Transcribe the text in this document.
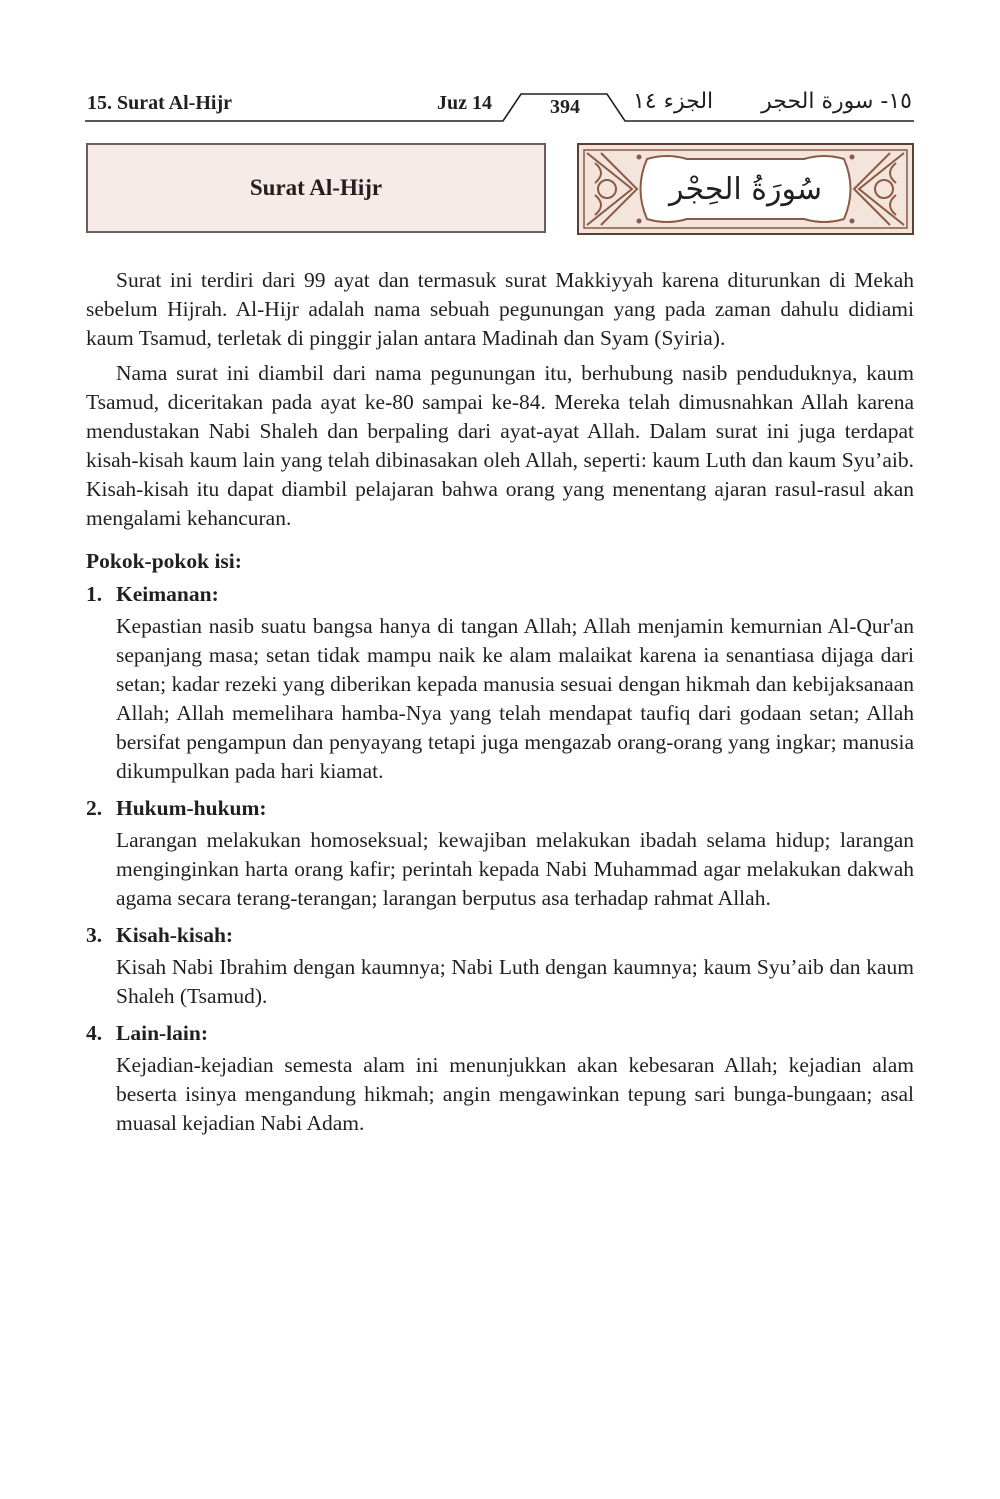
15. Surat Al-Hijr	Juz 14	394	الجزء ١٤ ١٥- سورة الحجر
Surat Al-Hijr	سُورَةُ الحِجْر

Surat ini terdiri dari 99 ayat dan termasuk surat Makkiyyah karena diturunkan di Mekah sebelum Hijrah. Al-Hijr adalah nama sebuah pegunungan yang pada zaman dahulu didiami kaum Tsamud, terletak di pinggir jalan antara Madinah dan Syam (Syiria).

Nama surat ini diambil dari nama pegunungan itu, berhubung nasib penduduknya, kaum Tsamud, diceritakan pada ayat ke-80 sampai ke-84. Mereka telah dimusnahkan Allah karena mendustakan Nabi Shaleh dan berpaling dari ayat-ayat Allah. Dalam surat ini juga terdapat kisah-kisah kaum lain yang telah dibinasakan oleh Allah, seperti: kaum Luth dan kaum Syu’aib. Kisah-kisah itu dapat diambil pelajaran bahwa orang yang menentang ajaran rasul-rasul akan mengalami kehancuran.

Pokok-pokok isi:
1. Keimanan:
Kepastian nasib suatu bangsa hanya di tangan Allah; Allah menjamin kemurnian Al-Qur'an sepanjang masa; setan tidak mampu naik ke alam malaikat karena ia senantiasa dijaga dari setan; kadar rezeki yang diberikan kepada manusia sesuai dengan hikmah dan kebijaksanaan Allah; Allah memelihara hamba-Nya yang telah mendapat taufiq dari godaan setan; Allah bersifat pengampun dan penyayang tetapi juga mengazab orang-orang yang ingkar; manusia dikumpulkan pada hari kiamat.
2. Hukum-hukum:
Larangan melakukan homoseksual; kewajiban melakukan ibadah selama hidup; larangan menginginkan harta orang kafir; perintah kepada Nabi Muhammad agar melakukan dakwah agama secara terang-terangan; larangan berputus asa terhadap rahmat Allah.
3. Kisah-kisah:
Kisah Nabi Ibrahim dengan kaumnya; Nabi Luth dengan kaumnya; kaum Syu’aib dan kaum Shaleh (Tsamud).
4. Lain-lain:
Kejadian-kejadian semesta alam ini menunjukkan akan kebesaran Allah; kejadian alam beserta isinya mengandung hikmah; angin mengawinkan tepung sari bunga-bungaan; asal muasal kejadian Nabi Adam.
